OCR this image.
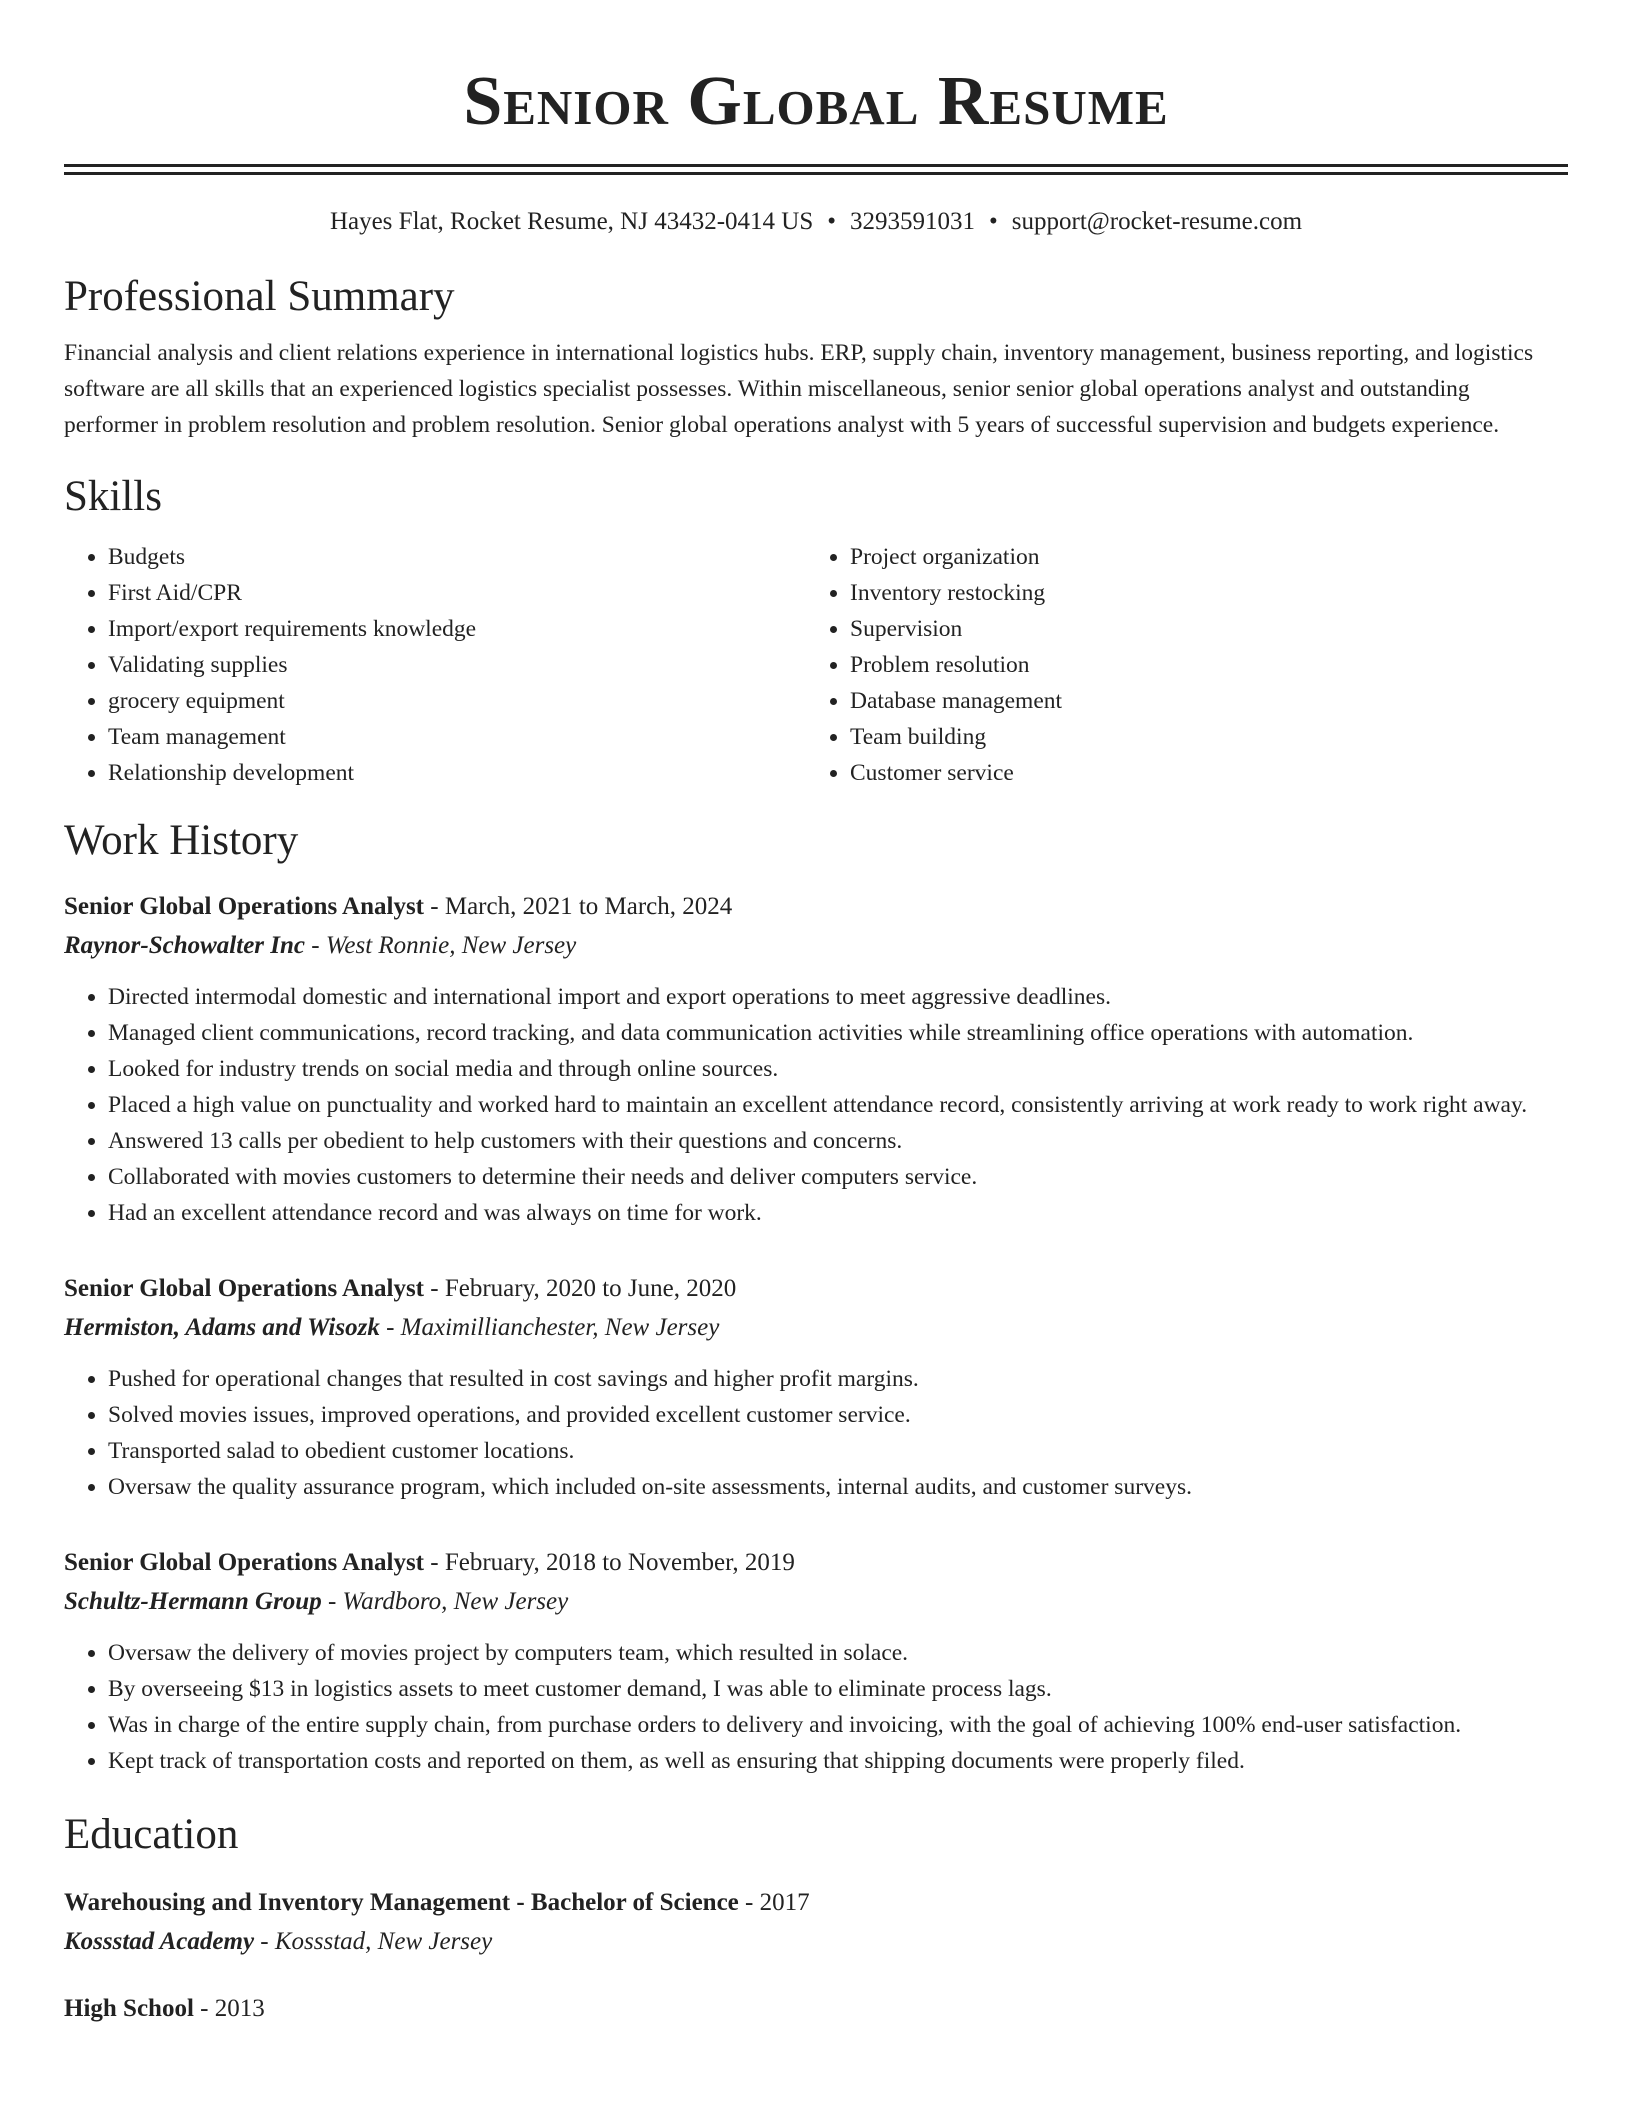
Senior Global Resume
Hayes Flat, Rocket Resume, NJ 43432-0414 US • 3293591031 • support@rocket-resume.com
Professional Summary

Financial analysis and client relations experience in international logistics hubs. ERP, supply chain, inventory management, business reporting, and logistics software are all skills that an experienced logistics specialist possesses. Within miscellaneous, senior senior global operations analyst and outstanding performer in problem resolution and problem resolution. Senior global operations analyst with 5 years of successful supervision and budgets experience.

Skills
• Budgets
• First Aid/CPR
• Import/export requirements knowledge
• Validating supplies
• grocery equipment
• Team management
• Relationship development
• Project organization
• Inventory restocking
• Supervision
• Problem resolution
• Database management
• Team building
• Customer service
Work History
Senior Global Operations Analyst - March, 2021 to March, 2024
Raynor-Schowalter Inc - West Ronnie, New Jersey
• Directed intermodal domestic and international import and export operations to meet aggressive deadlines.
• Managed client communications, record tracking, and data communication activities while streamlining office operations with automation.
• Looked for industry trends on social media and through online sources.
• Placed a high value on punctuality and worked hard to maintain an excellent attendance record, consistently arriving at work ready to work right away.
• Answered 13 calls per obedient to help customers with their questions and concerns.
• Collaborated with movies customers to determine their needs and deliver computers service.
• Had an excellent attendance record and was always on time for work.
Senior Global Operations Analyst - February, 2020 to June, 2020
Hermiston, Adams and Wisozk - Maximillianchester, New Jersey
• Pushed for operational changes that resulted in cost savings and higher profit margins.
• Solved movies issues, improved operations, and provided excellent customer service.
• Transported salad to obedient customer locations.
• Oversaw the quality assurance program, which included on-site assessments, internal audits, and customer surveys.
Senior Global Operations Analyst - February, 2018 to November, 2019
Schultz-Hermann Group - Wardboro, New Jersey
• Oversaw the delivery of movies project by computers team, which resulted in solace.
• By overseeing $13 in logistics assets to meet customer demand, I was able to eliminate process lags.
• Was in charge of the entire supply chain, from purchase orders to delivery and invoicing, with the goal of achieving 100% end-user satisfaction.
• Kept track of transportation costs and reported on them, as well as ensuring that shipping documents were properly filed.
Education
Warehousing and Inventory Management - Bachelor of Science - 2017
Kossstad Academy - Kossstad, New Jersey
High School - 2013
